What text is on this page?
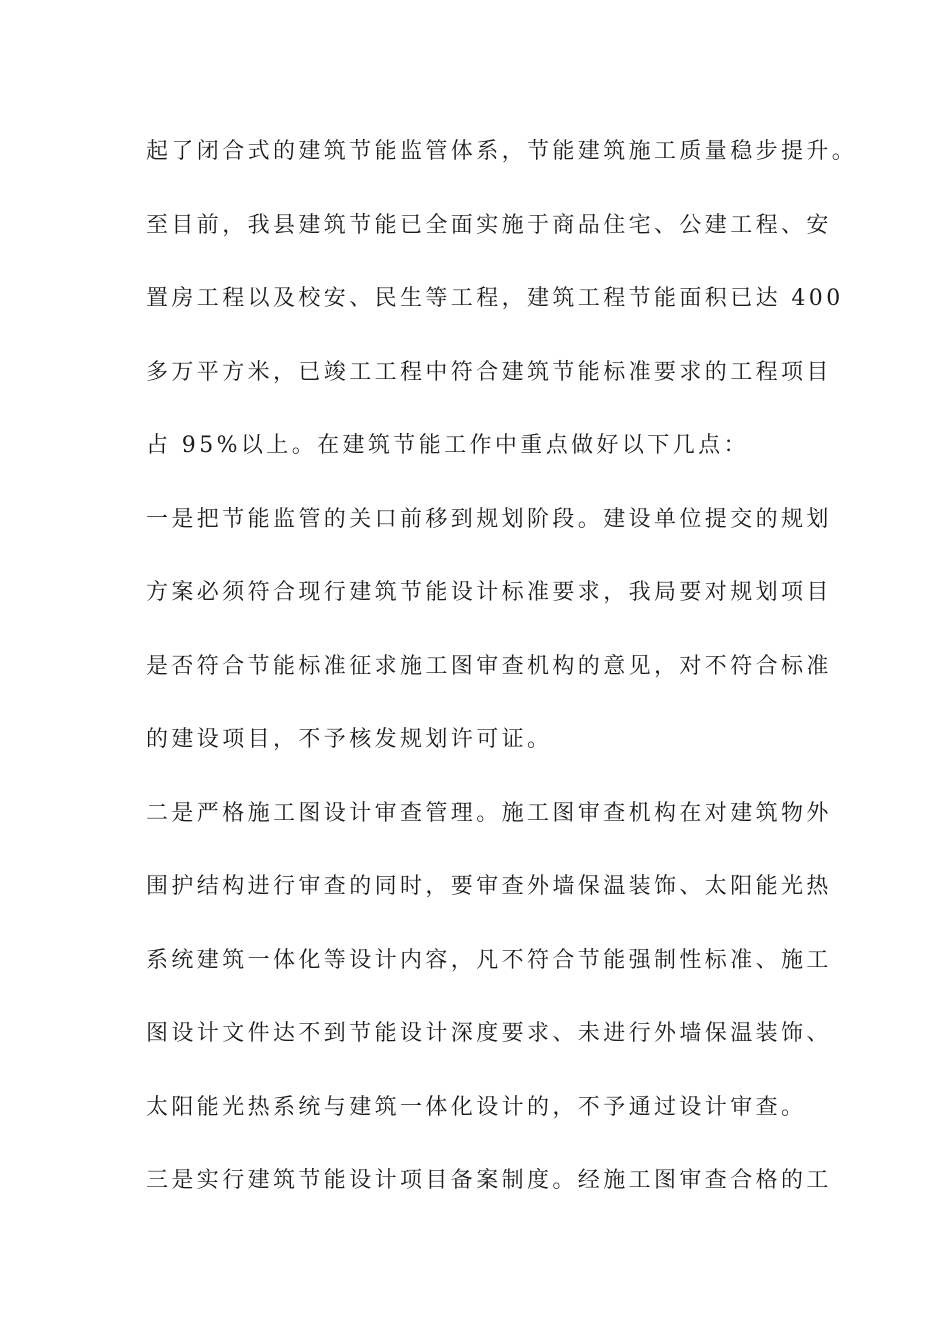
起了闭合式的建筑节能监管体系，节能建筑施工质量稳步提升。
至目前，我县建筑节能已全面实施于商品住宅、公建工程、安
置房工程以及校安、民生等工程，建筑工程节能面积已达 400
多万平方米，已竣工工程中符合建筑节能标准要求的工程项目
占 95%以上。在建筑节能工作中重点做好以下几点：
一是把节能监管的关口前移到规划阶段。建设单位提交的规划
方案必须符合现行建筑节能设计标准要求，我局要对规划项目
是否符合节能标准征求施工图审查机构的意见，对不符合标准
的建设项目，不予核发规划许可证。
二是严格施工图设计审查管理。施工图审查机构在对建筑物外
围护结构进行审查的同时，要审查外墙保温装饰、太阳能光热
系统建筑一体化等设计内容，凡不符合节能强制性标准、施工
图设计文件达不到节能设计深度要求、未进行外墙保温装饰、
太阳能光热系统与建筑一体化设计的，不予通过设计审查。
三是实行建筑节能设计项目备案制度。经施工图审查合格的工
